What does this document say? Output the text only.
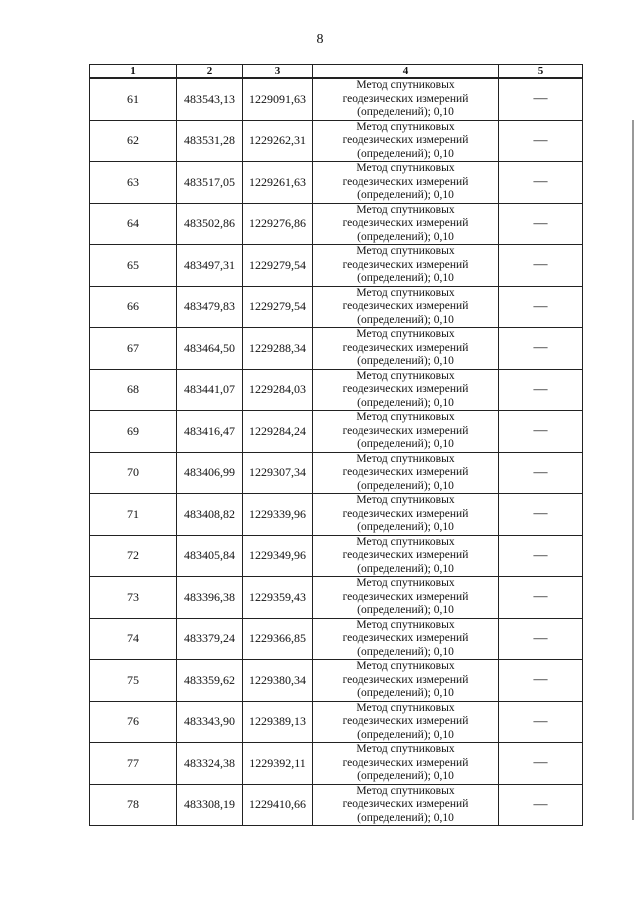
8
1	2	3	4	5
61	483543,13	1229091,63	Метод спутниковых
геодезических измерений
(определений); 0,10	—
62	483531,28	1229262,31	Метод спутниковых
геодезических измерений
(определений); 0,10	—
63	483517,05	1229261,63	Метод спутниковых
геодезических измерений
(определений); 0,10	—
64	483502,86	1229276,86	Метод спутниковых
геодезических измерений
(определений); 0,10	—
65	483497,31	1229279,54	Метод спутниковых
геодезических измерений
(определений); 0,10	—
66	483479,83	1229279,54	Метод спутниковых
геодезических измерений
(определений); 0,10	—
67	483464,50	1229288,34	Метод спутниковых
геодезических измерений
(определений); 0,10	—
68	483441,07	1229284,03	Метод спутниковых
геодезических измерений
(определений); 0,10	—
69	483416,47	1229284,24	Метод спутниковых
геодезических измерений
(определений); 0,10	—
70	483406,99	1229307,34	Метод спутниковых
геодезических измерений
(определений); 0,10	—
71	483408,82	1229339,96	Метод спутниковых
геодезических измерений
(определений); 0,10	—
72	483405,84	1229349,96	Метод спутниковых
геодезических измерений
(определений); 0,10	—
73	483396,38	1229359,43	Метод спутниковых
геодезических измерений
(определений); 0,10	—
74	483379,24	1229366,85	Метод спутниковых
геодезических измерений
(определений); 0,10	—
75	483359,62	1229380,34	Метод спутниковых
геодезических измерений
(определений); 0,10	—
76	483343,90	1229389,13	Метод спутниковых
геодезических измерений
(определений); 0,10	—
77	483324,38	1229392,11	Метод спутниковых
геодезических измерений
(определений); 0,10	—
78	483308,19	1229410,66	Метод спутниковых
геодезических измерений
(определений); 0,10	—
